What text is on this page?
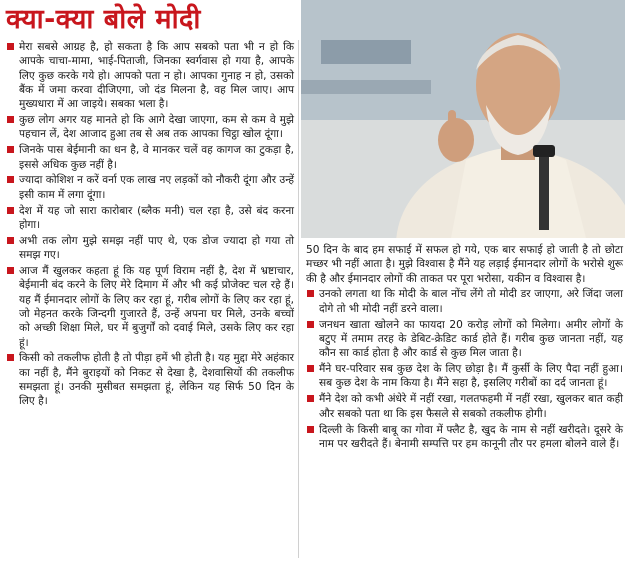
क्या-क्या बोले मोदी
मेरा सबसे आग्रह है, हो सकता है कि आप सबको पता भी न हो कि आपके चाचा-मामा, भाई-पिताजी, जिनका स्वर्गवास हो गया है, आपके लिए कुछ करके गये हो। आपको पता न हो। आपका गुनाह न हो, उसको बैंक में जमा करवा दीजिएगा, जो दंड मिलना है, वह मिल जाए। आप मुख्यधारा में आ जाइये। सबका भला है।
कुछ लोग अगर यह मानते हो कि आगे देखा जाएगा, कम से कम वे मुझे पहचान लें, देश आजाद हुआ तब से अब तक आपका चिट्ठा खोल दूंगा।
जिनके पास बेईमानी का धन है, वे मानकर चलें वह कागज का टुकड़ा है, इससे अधिक कुछ नहीं है।
ज्यादा कोशिश न करें वर्ना एक लाख नए लड़कों को नौकरी दूंगा और उन्हें इसी काम में लगा दूंगा।
देश में यह जो सारा कारोबार (ब्लैक मनी) चल रहा है, उसे बंद करना होगा।
अभी तक लोग मुझे समझ नहीं पाए थे, एक डोज ज्यादा हो गया तो समझ गए।
आज मैं खुलकर कहता हूं कि यह पूर्ण विराम नहीं है, देश में भ्रष्टाचार, बेईमानी बंद करने के लिए मेरे दिमाग में और भी कई प्रोजेक्ट चल रहे हैं। यह मैं ईमानदार लोगों के लिए कर रहा हूं, गरीब लोगों के लिए कर रहा हूं, जो मेहनत करके जिन्दगी गुजारते हैं, उन्हें अपना घर मिले, उनके बच्चों को अच्छी शिक्षा मिले, घर में बुजुर्गों को दवाई मिले, उसके लिए कर रहा हूं।
किसी को तकलीफ होती है तो पीड़ा हमें भी होती है। यह मुद्दा मेरे अहंकार का नहीं है, मैंने बुराइयों को निकट से देखा है, देशवासियों की तकलीफ समझता हूं। उनकी मुसीबत समझता हूं, लेकिन यह सिर्फ 50 दिन के लिए है।
50 दिन के बाद हम सफाई में सफल हो गये, एक बार सफाई हो जाती है तो छोटा मच्छर भी नहीं आता है। मुझे विश्वास है मैंने यह लड़ाई ईमानदार लोगों के भरोसे शुरू की है और ईमानदार लोगों की ताकत पर पूरा भरोसा, यकीन व विश्वास है।
उनको लगता था कि मोदी के बाल नोंच लेंगे तो मोदी डर जाएगा, अरे जिंदा जला दोगे तो भी मोदी नहीं डरने वाला।
जनधन खाता खोलने का फायदा 20 करोड़ लोगों को मिलेगा। अमीर लोगों के बटुए में तमाम तरह के डेबिट-क्रेडिट कार्ड होते हैं। गरीब कुछ जानता नहीं, यह कौन सा कार्ड होता है और कार्ड से कुछ मिल जाता है।
मैंने घर-परिवार सब कुछ देश के लिए छोड़ा है। मैं कुर्सी के लिए पैदा नहीं हुआ। सब कुछ देश के नाम किया है। मैंने सहा है, इसलिए गरीबों का दर्द जानता हूं।
मैंने देश को कभी अंधेरे में नहीं रखा, गलतफहमी में नहीं रखा, खुलकर बात कही और सबको पता था कि इस फैसले से सबको तकलीफ होगी।
दिल्ली के किसी बाबू का गोवा में फ्लैट है, खुद के नाम से नहीं खरीदते। दूसरे के नाम पर खरीदते हैं। बेनामी सम्पत्ति पर हम कानूनी तौर पर हमला बोलने वाले हैं।
